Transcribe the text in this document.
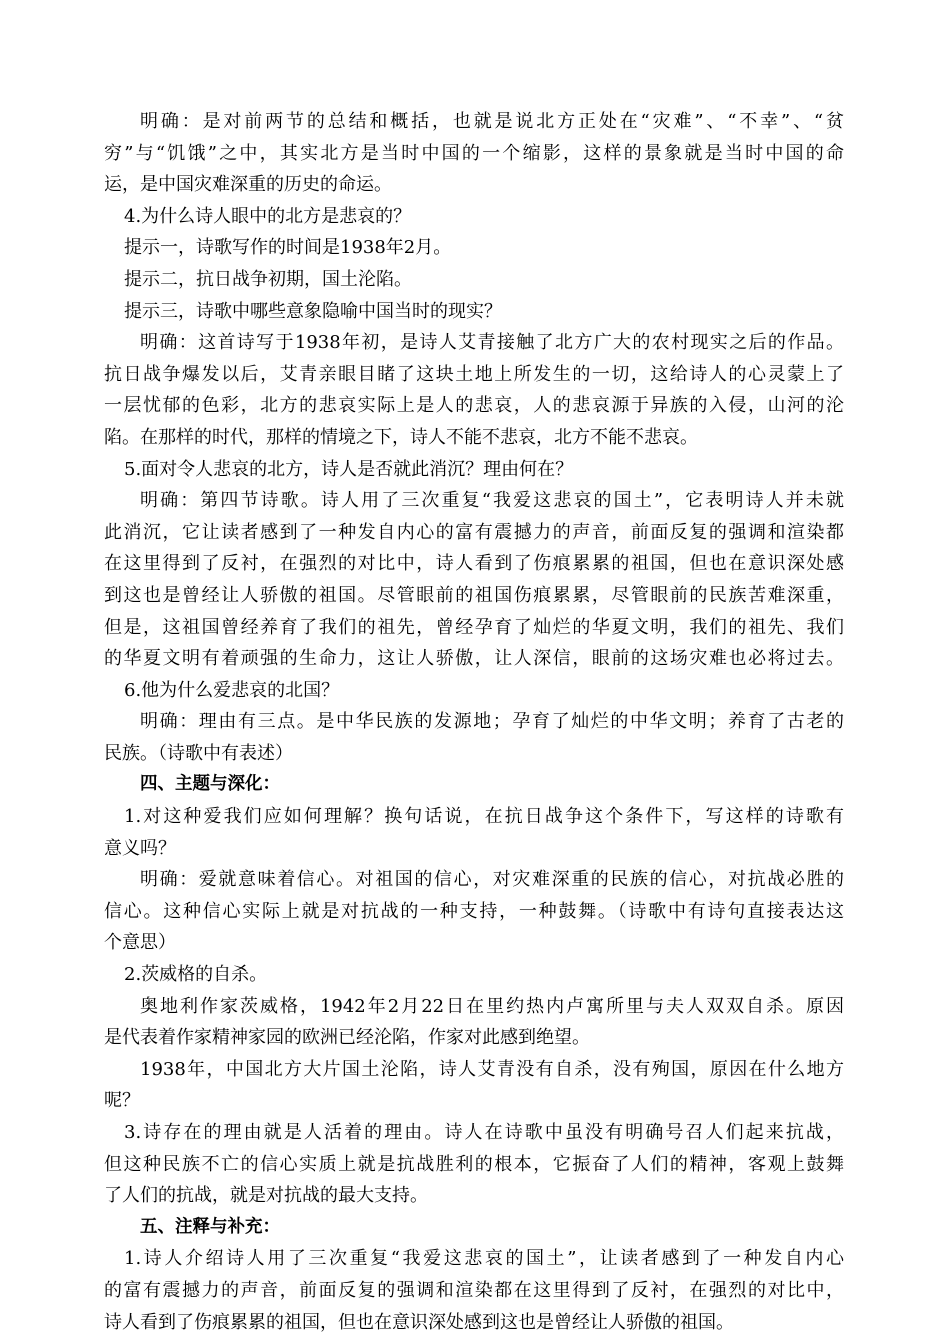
明确：是对前两节的总结和概括，也就是说北方正处在“灾难”、“不幸”、“贫
穷”与“饥饿”之中，其实北方是当时中国的一个缩影，这样的景象就是当时中国的命
运，是中国灾难深重的历史的命运。
4.为什么诗人眼中的北方是悲哀的？
提示一，诗歌写作的时间是1938年2月。
提示二，抗日战争初期，国土沦陷。
提示三，诗歌中哪些意象隐喻中国当时的现实？
明确：这首诗写于1938年初，是诗人艾青接触了北方广大的农村现实之后的作品。
抗日战争爆发以后，艾青亲眼目睹了这块土地上所发生的一切，这给诗人的心灵蒙上了
一层忧郁的色彩，北方的悲哀实际上是人的悲哀，人的悲哀源于异族的入侵，山河的沦
陷。在那样的时代，那样的情境之下，诗人不能不悲哀，北方不能不悲哀。
5.面对令人悲哀的北方，诗人是否就此消沉？理由何在？
明确：第四节诗歌。诗人用了三次重复“我爱这悲哀的国土”，它表明诗人并未就
此消沉，它让读者感到了一种发自内心的富有震撼力的声音，前面反复的强调和渲染都
在这里得到了反衬，在强烈的对比中，诗人看到了伤痕累累的祖国，但也在意识深处感
到这也是曾经让人骄傲的祖国。尽管眼前的祖国伤痕累累，尽管眼前的民族苦难深重，
但是，这祖国曾经养育了我们的祖先，曾经孕育了灿烂的华夏文明，我们的祖先、我们
的华夏文明有着顽强的生命力，这让人骄傲，让人深信，眼前的这场灾难也必将过去。
6.他为什么爱悲哀的北国？
明确：理由有三点。是中华民族的发源地；孕育了灿烂的中华文明；养育了古老的
民族。（诗歌中有表述）
四、主题与深化：
1.对这种爱我们应如何理解？换句话说，在抗日战争这个条件下，写这样的诗歌有
意义吗？
明确：爱就意味着信心。对祖国的信心，对灾难深重的民族的信心，对抗战必胜的
信心。这种信心实际上就是对抗战的一种支持，一种鼓舞。（诗歌中有诗句直接表达这
个意思）
2.茨威格的自杀。
奥地利作家茨威格，1942年2月22日在里约热内卢寓所里与夫人双双自杀。原因
是代表着作家精神家园的欧洲已经沦陷，作家对此感到绝望。
1938年，中国北方大片国土沦陷，诗人艾青没有自杀，没有殉国，原因在什么地方
呢？
3.诗存在的理由就是人活着的理由。诗人在诗歌中虽没有明确号召人们起来抗战，
但这种民族不亡的信心实质上就是抗战胜利的根本，它振奋了人们的精神，客观上鼓舞
了人们的抗战，就是对抗战的最大支持。
五、注释与补充：
1.诗人介绍诗人用了三次重复“我爱这悲哀的国土”，让读者感到了一种发自内心
的富有震撼力的声音，前面反复的强调和渲染都在这里得到了反衬，在强烈的对比中，
诗人看到了伤痕累累的祖国，但也在意识深处感到这也是曾经让人骄傲的祖国。
